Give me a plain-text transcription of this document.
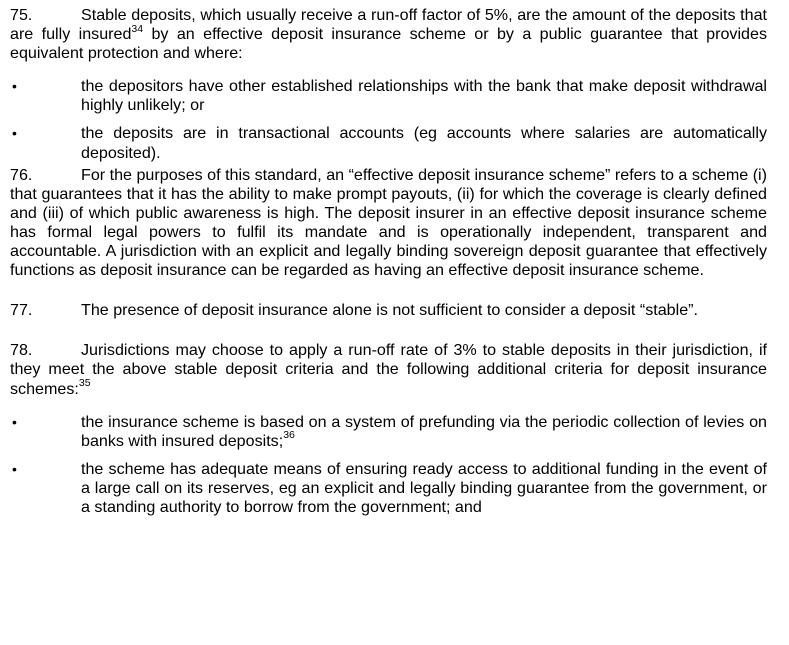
75.	Stable deposits, which usually receive a run-off factor of 5%, are the amount of the deposits that are fully insured$^{34}$ by an effective deposit insurance scheme or by a public guarantee that provides equivalent protection and where:

•	the depositors have other established relationships with the bank that make deposit withdrawal highly unlikely; or

•	the deposits are in transactional accounts (eg accounts where salaries are automatically deposited).

76.	For the purposes of this standard, an “effective deposit insurance scheme” refers to a scheme (i) that guarantees that it has the ability to make prompt payouts, (ii) for which the coverage is clearly defined and (iii) of which public awareness is high. The deposit insurer in an effective deposit insurance scheme has formal legal powers to fulfil its mandate and is operationally independent, transparent and accountable. A jurisdiction with an explicit and legally binding sovereign deposit guarantee that effectively functions as deposit insurance can be regarded as having an effective deposit insurance scheme.

77.	The presence of deposit insurance alone is not sufficient to consider a deposit “stable”.

78.	Jurisdictions may choose to apply a run-off rate of 3% to stable deposits in their jurisdiction, if they meet the above stable deposit criteria and the following additional criteria for deposit insurance schemes:$^{35}$

•	the insurance scheme is based on a system of prefunding via the periodic collection of levies on banks with insured deposits;$^{36}$

•	the scheme has adequate means of ensuring ready access to additional funding in the event of a large call on its reserves, eg an explicit and legally binding guarantee from the government, or a standing authority to borrow from the government; and
